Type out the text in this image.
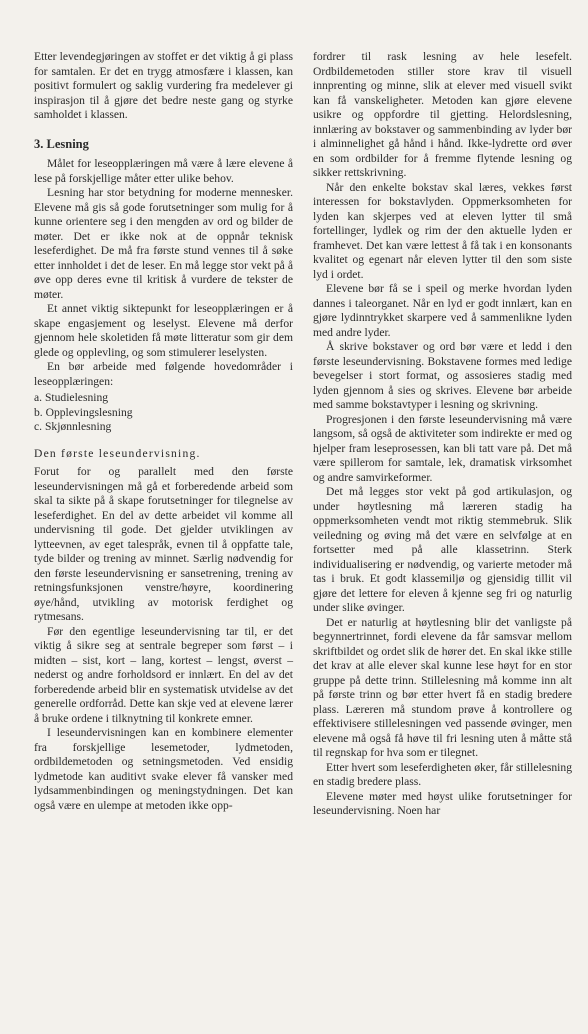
Etter levendegjøringen av stoffet er det viktig å gi plass for samtalen. Er det en trygg atmosfære i klassen, kan positivt formulert og saklig vurdering fra medelever gi inspirasjon til å gjøre det bedre neste gang og styrke samholdet i klassen.

3. Lesning

Målet for leseopplæringen må være å lære elevene å lese på forskjellige måter etter ulike behov.

Lesning har stor betydning for moderne mennesker. Elevene må gis så gode forutsetninger som mulig for å kunne orientere seg i den mengden av ord og bilder de møter. Det er ikke nok at de oppnår teknisk leseferdighet. De må fra første stund vennes til å søke etter innholdet i det de leser. En må legge stor vekt på å øve opp deres evne til kritisk å vurdere de tekster de møter.

Et annet viktig siktepunkt for leseopplæringen er å skape engasjement og leselyst. Elevene må derfor gjennom hele skoletiden få møte litteratur som gir dem glede og opplevling, og som stimulerer leselysten.

En bør arbeide med følgende hovedområder i leseopplæringen:

a. Studielesning
b. Opplevingslesning
c. Skjønnlesning
Den første leseundervisning.

Forut for og parallelt med den første leseundervisningen må gå et forberedende arbeid som skal ta sikte på å skape forutsetninger for tilegnelse av leseferdighet. En del av dette arbeidet vil komme all undervisning til gode. Det gjelder utviklingen av lytteevnen, av eget talespråk, evnen til å oppfatte tale, tyde bilder og trening av minnet. Særlig nødvendig for den første leseundervisning er sansetrening, trening av retningsfunksjonen venstre/høyre, koordinering øye/hånd, utvikling av motorisk ferdighet og rytmesans.

Før den egentlige leseundervisning tar til, er det viktig å sikre seg at sentrale begreper som først – i midten – sist, kort – lang, kortest – lengst, øverst – nederst og andre forholdsord er innlært. En del av det forberedende arbeid blir en systematisk utvidelse av det generelle ordforråd. Dette kan skje ved at elevene lærer å bruke ordene i tilknytning til konkrete emner.

I leseundervisningen kan en kombinere elementer fra forskjellige lesemetoder, lydmetoden, ordbildemetoden og setningsmetoden. Ved ensidig lydmetode kan auditivt svake elever få vansker med lydsammenbindingen og meningstydningen. Det kan også være en ulempe at metoden ikke opp-

fordrer til rask lesning av hele lesefelt. Ordbildemetoden stiller store krav til visuell innprenting og minne, slik at elever med visuell svikt kan få vanskeligheter. Metoden kan gjøre elevene usikre og oppfordre til gjetting. Helordslesning, innlæring av bokstaver og sammenbinding av lyder bør i alminnelighet gå hånd i hånd. Ikke-lydrette ord øver en som ordbilder for å fremme flytende lesning og sikker rettskrivning.

Når den enkelte bokstav skal læres, vekkes først interessen for bokstavlyden. Oppmerksomheten for lyden kan skjerpes ved at eleven lytter til små fortellinger, lydlek og rim der den aktuelle lyden er framhevet. Det kan være lettest å få tak i en konsonants kvalitet og egenart når eleven lytter til den som siste lyd i ordet.

Elevene bør få se i speil og merke hvordan lyden dannes i taleorganet. Når en lyd er godt innlært, kan en gjøre lydinntrykket skarpere ved å sammenlikne lyden med andre lyder.

Å skrive bokstaver og ord bør være et ledd i den første leseundervisning. Bokstavene formes med ledige bevegelser i stort format, og assosieres stadig med lyden gjennom å sies og skrives. Elevene bør arbeide med samme bokstavtyper i lesning og skrivning.

Progresjonen i den første leseundervisning må være langsom, så også de aktiviteter som indirekte er med og hjelper fram leseprosessen, kan bli tatt vare på. Det må være spillerom for samtale, lek, dramatisk virksomhet og andre samvirkeformer.

Det må legges stor vekt på god artikulasjon, og under høytlesning må læreren stadig ha oppmerksomheten vendt mot riktig stemmebruk. Slik veiledning og øving må det være en selvfølge at en fortsetter med på alle klassetrinn. Sterk individualisering er nødvendig, og varierte metoder må tas i bruk. Et godt klassemiljø og gjensidig tillit vil gjøre det lettere for eleven å kjenne seg fri og naturlig under slike øvinger.

Det er naturlig at høytlesning blir det vanligste på begynnertrinnet, fordi elevene da får samsvar mellom skriftbildet og ordet slik de hører det. En skal ikke stille det krav at alle elever skal kunne lese høyt for en stor gruppe på dette trinn. Stillelesning må komme inn alt på første trinn og bør etter hvert få en stadig bredere plass. Læreren må stundom prøve å kontrollere og effektivisere stillelesningen ved passende øvinger, men elevene må også få høve til fri lesning uten å måtte stå til regnskap for hva som er tilegnet.

Etter hvert som leseferdigheten øker, får stillelesning en stadig bredere plass.

Elevene møter med høyst ulike forutsetninger for leseundervisning. Noen har
